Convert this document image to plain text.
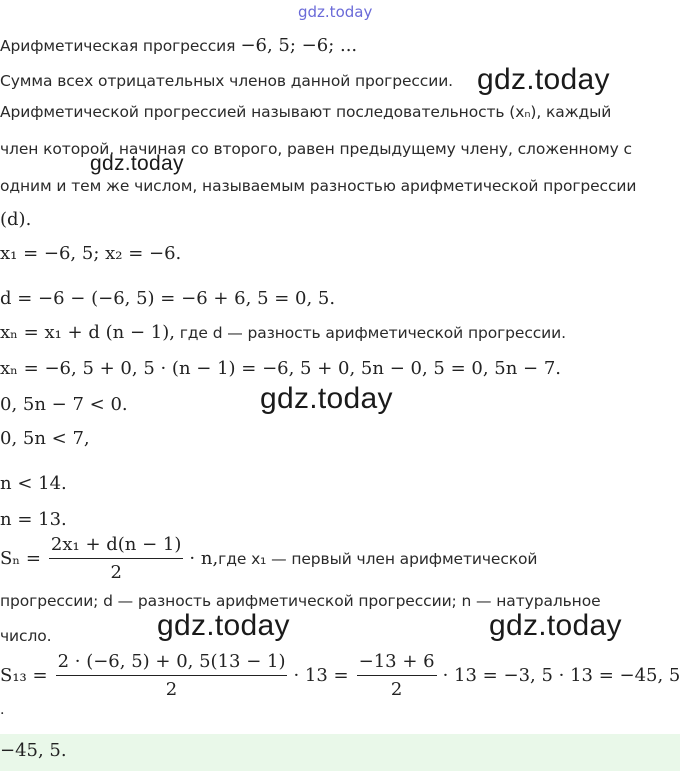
gdz.today
gdz.today
gdz.today
gdz.today	gdz.today
gdz.today
Арифметическая прогрессия −6, 5; −6; ...
Сумма всех отрицательных членов данной прогрессии.
Арифметической прогрессией называют последовательность (xₙ), каждый
член которой, начиная со второго, равен предыдущему члену, сложенному с
одним и тем же числом, называемым разностью арифметической прогрессии
(d).
x₁ = −6, 5; x₂ = −6.
d = −6 − (−6, 5) = −6 + 6, 5 = 0, 5.
xₙ = x₁ + d (n − 1), где d — разность арифметической прогрессии.
xₙ = −6, 5 + 0, 5 · (n − 1) = −6, 5 + 0, 5n − 0, 5 = 0, 5n − 7.
0, 5n − 7 < 0.
0, 5n < 7,
n < 14.
n = 13.
$S_n = \frac{\text{2x₁ + d(n − 1)}}{2} \cdot n$, где x₁ — первый член арифметической
прогрессии; d — разность арифметической прогрессии; n — натуральное
число.
$S_{13} = \frac{2 \cdot (-6, 5) + 0, 5(13 - 1)}{2} \cdot 13 = \frac{-13 + 6}{2} \cdot 13 = -3$, 5 · 13 = −45, 5
.
−45, 5.
